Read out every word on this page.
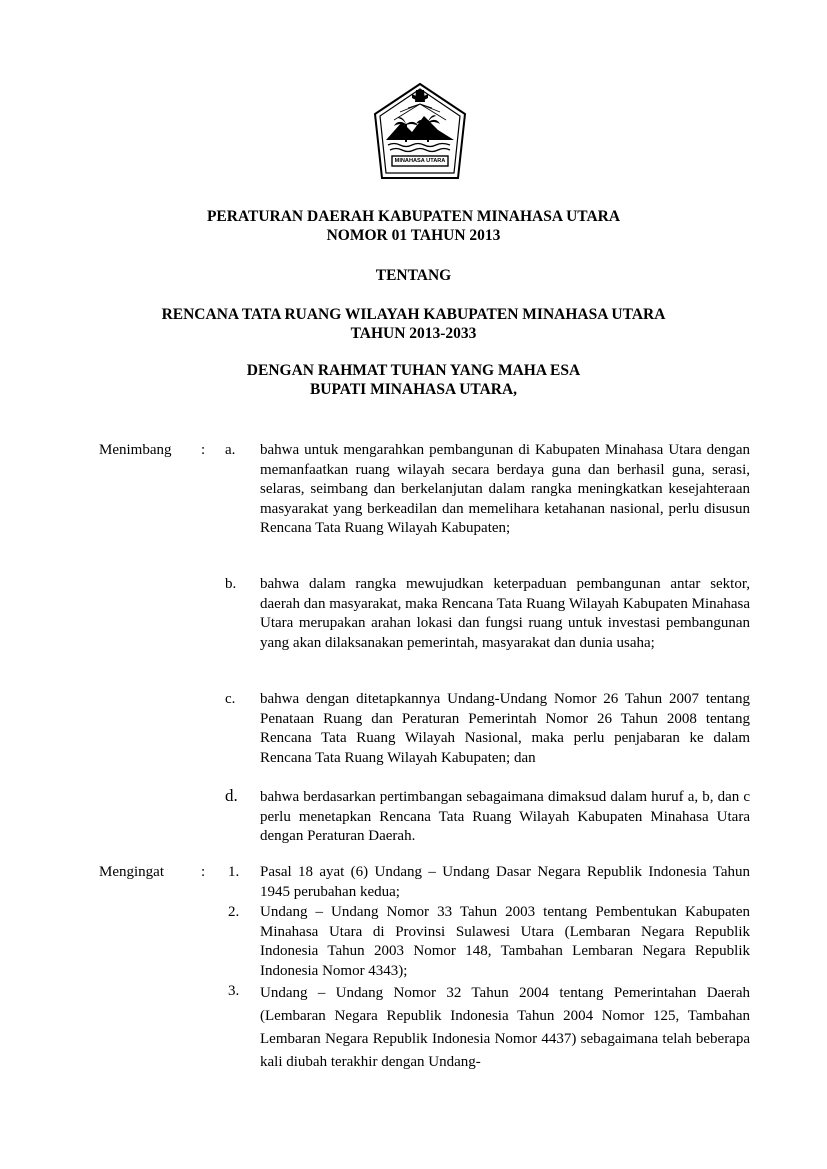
MINAHASA UTARA
PERATURAN DAERAH KABUPATEN MINAHASA UTARA
NOMOR 01 TAHUN 2013
TENTANG
RENCANA TATA RUANG WILAYAH KABUPATEN MINAHASA UTARA
TAHUN 2013-2033
DENGAN RAHMAT TUHAN YANG MAHA ESA
BUPATI MINAHASA UTARA,
Menimbang : a. bahwa untuk mengarahkan pembangunan di Kabupaten Minahasa Utara dengan memanfaatkan ruang wilayah secara berdaya guna dan berhasil guna, serasi, selaras, seimbang dan berkelanjutan dalam rangka meningkatkan kesejahteraan masyarakat yang berkeadilan dan memelihara ketahanan nasional, perlu disusun Rencana Tata Ruang Wilayah Kabupaten;
b. bahwa dalam rangka mewujudkan keterpaduan pembangunan antar sektor, daerah dan masyarakat, maka Rencana Tata Ruang Wilayah Kabupaten Minahasa Utara merupakan arahan lokasi dan fungsi ruang untuk investasi pembangunan yang akan dilaksanakan pemerintah, masyarakat dan dunia usaha;
c. bahwa dengan ditetapkannya Undang-Undang Nomor 26 Tahun 2007 tentang Penataan Ruang dan Peraturan Pemerintah Nomor 26 Tahun 2008 tentang Rencana Tata Ruang Wilayah Nasional, maka perlu penjabaran ke dalam Rencana Tata Ruang Wilayah Kabupaten; dan
d. bahwa berdasarkan pertimbangan sebagaimana dimaksud dalam huruf a, b, dan c perlu menetapkan Rencana Tata Ruang Wilayah Kabupaten Minahasa Utara dengan Peraturan Daerah.
Mengingat : 1. Pasal 18 ayat (6) Undang – Undang Dasar Negara Republik Indonesia Tahun 1945 perubahan kedua;
2. Undang – Undang Nomor 33 Tahun 2003 tentang Pembentukan Kabupaten Minahasa Utara di Provinsi Sulawesi Utara (Lembaran Negara Republik Indonesia Tahun 2003 Nomor 148, Tambahan Lembaran Negara Republik Indonesia Nomor 4343);
3. Undang – Undang Nomor 32 Tahun 2004 tentang Pemerintahan Daerah (Lembaran Negara Republik Indonesia Tahun 2004 Nomor 125, Tambahan Lembaran Negara Republik Indonesia Nomor 4437) sebagaimana telah beberapa kali diubah terakhir dengan Undang-
